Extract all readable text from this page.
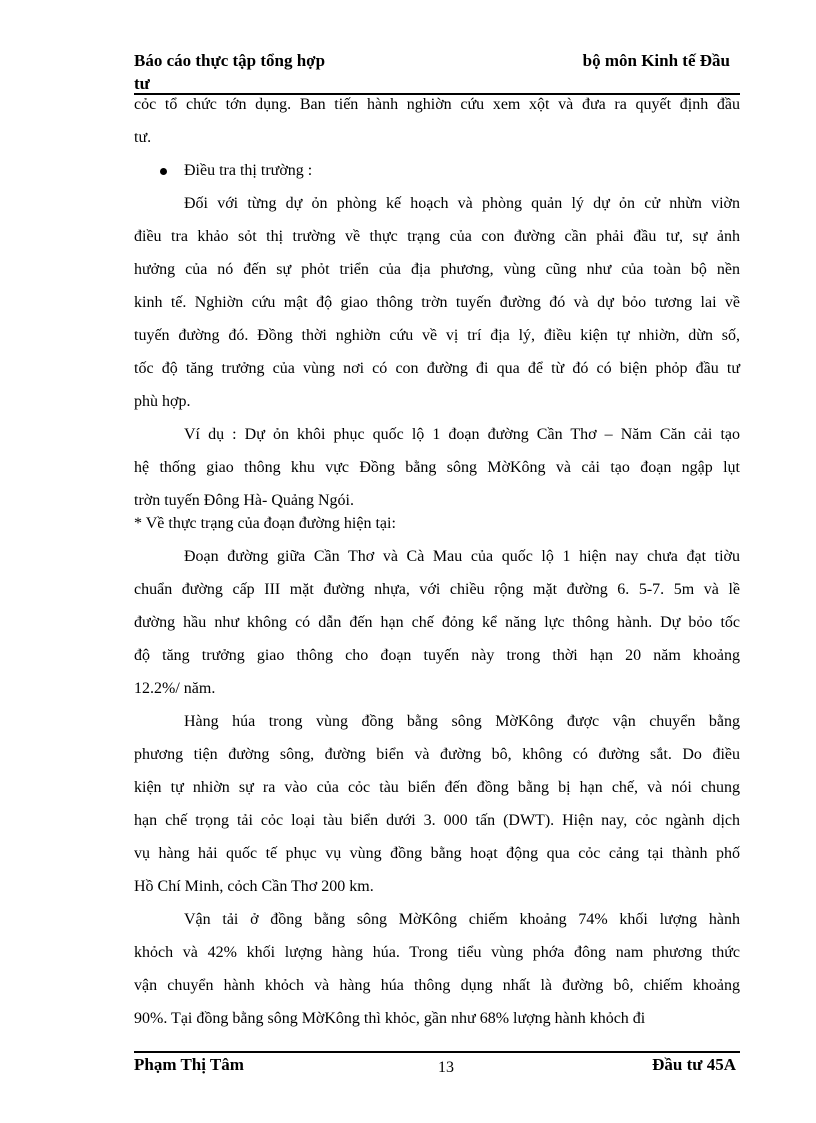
Báo cáo thực tập tổng hợp
tư
bộ môn Kinh tế Đầu
cỏc tổ chức tớn dụng. Ban tiến hành nghiờn cứu xem xột và đưa ra quyết định đầu
tư.
Điều tra thị trường :
Đối với từng dự ỏn phòng kế hoạch và phòng quản lý dự ỏn cử nhừn viờn
điều tra khảo sỏt thị trường về thực trạng của con đường cần phải đầu tư, sự ảnh
hưởng của nó đến sự phỏt triển của địa phương, vùng cũng như của toàn bộ nền
kinh tế. Nghiờn cứu mật độ giao thông trờn tuyến đường đó và dự bỏo tương lai về
tuyến đường đó. Đồng thời nghiờn cứu về vị trí địa lý, điều kiện tự nhiờn, dừn số,
tốc độ tăng trưởng của vùng nơi có con đường đi qua để từ đó có biện phỏp đầu tư
phù hợp.
Ví dụ : Dự ỏn khôi phục quốc lộ 1 đoạn đường Cần Thơ – Năm Căn cải tạo
hệ thống giao thông khu vực Đồng bằng sông MờKông và cải tạo đoạn ngập lụt
trờn tuyến Đông Hà- Quảng Ngói.
* Về thực trạng của đoạn đường hiện tại:
Đoạn đường giữa Cần Thơ và Cà Mau của quốc lộ 1 hiện nay chưa đạt tiờu
chuẩn đường cấp III mặt đường nhựa, với chiều rộng mặt đường 6. 5-7. 5m và lề
đường hầu như không có dẫn đến hạn chế đỏng kể năng lực thông hành. Dự bỏo tốc
độ tăng trưởng giao thông cho đoạn tuyến này trong thời hạn 20 năm khoảng
12.2%/ năm.
Hàng húa trong vùng đồng bằng sông MờKông được vận chuyển bằng
phương tiện đường sông, đường biển và đường bô, không có đường sắt. Do điều
kiện tự nhiờn sự ra vào của cỏc tàu biển đến đồng bằng bị hạn chế, và nói chung
hạn chế trọng tải cỏc loại tàu biển dưới 3. 000 tấn (DWT). Hiện nay, cỏc ngành dịch
vụ hàng hải quốc tế phục vụ vùng đồng bằng hoạt động qua cỏc cảng tại thành phố
Hồ Chí Minh, cỏch Cần Thơ 200 km.
Vận tải ở đồng bằng sông MờKông chiếm khoảng 74% khối lượng hành
khỏch và 42% khối lượng hàng húa. Trong tiểu vùng phớa đông nam phương thức
vận chuyển hành khỏch và hàng húa thông dụng nhất là đường bô, chiếm khoảng
90%. Tại đồng bằng sông MờKông thì khỏc, gần như 68% lượng hành khỏch đi
Phạm Thị Tâm	13	Đầu tư 45A
